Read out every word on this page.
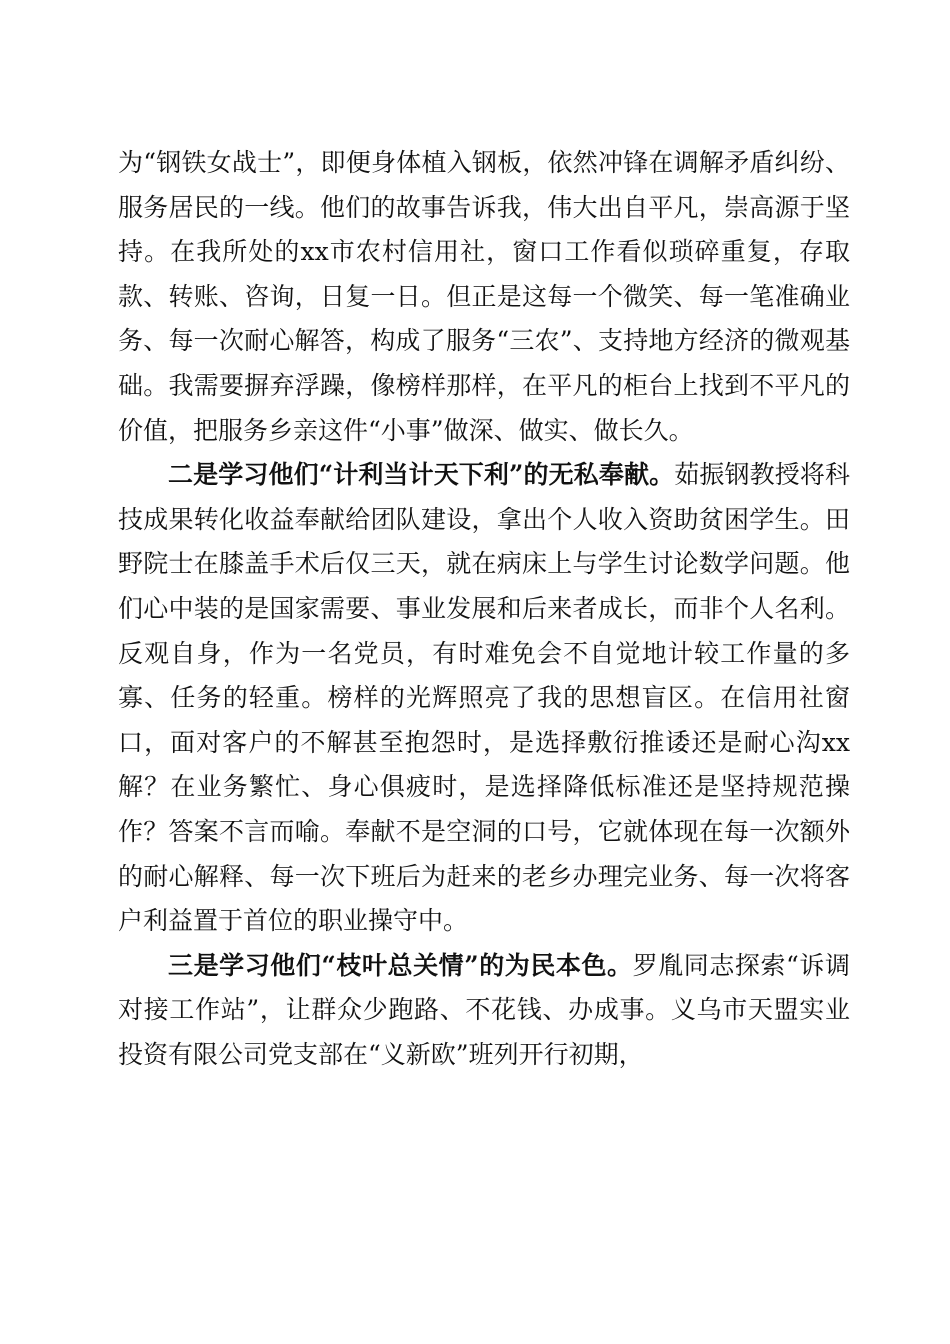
为“钢铁女战士”，即便身体植入钢板，依然冲锋在调解矛盾纠纷、服务居民的一线。他们的故事告诉我，伟大出自平凡，崇高源于坚持。在我所处的xx市农村信用社，窗口工作看似琐碎重复，存取款、转账、咨询，日复一日。但正是这每一个微笑、每一笔准确业务、每一次耐心解答，构成了服务“三农”、支持地方经济的微观基础。我需要摒弃浮躁，像榜样那样，在平凡的柜台上找到不平凡的价值，把服务乡亲这件“小事”做深、做实、做长久。

二是学习他们“计利当计天下利”的无私奉献。茹振钢教授将科技成果转化收益奉献给团队建设，拿出个人收入资助贫困学生。田野院士在膝盖手术后仅三天，就在病床上与学生讨论数学问题。他们心中装的是国家需要、事业发展和后来者成长，而非个人名利。反观自身，作为一名党员，有时难免会不自觉地计较工作量的多寡、任务的轻重。榜样的光辉照亮了我的思想盲区。在信用社窗口，面对客户的不解甚至抱怨时，是选择敷衍推诿还是耐心沟xx解？在业务繁忙、身心俱疲时，是选择降低标准还是坚持规范操作？答案不言而喻。奉献不是空洞的口号，它就体现在每一次额外的耐心解释、每一次下班后为赶来的老乡办理完业务、每一次将客户利益置于首位的职业操守中。

三是学习他们“枝叶总关情”的为民本色。罗胤同志探索“诉调对接工作站”，让群众少跑路、不花钱、办成事。义乌市天盟实业投资有限公司党支部在“义新欧”班列开行初期，
